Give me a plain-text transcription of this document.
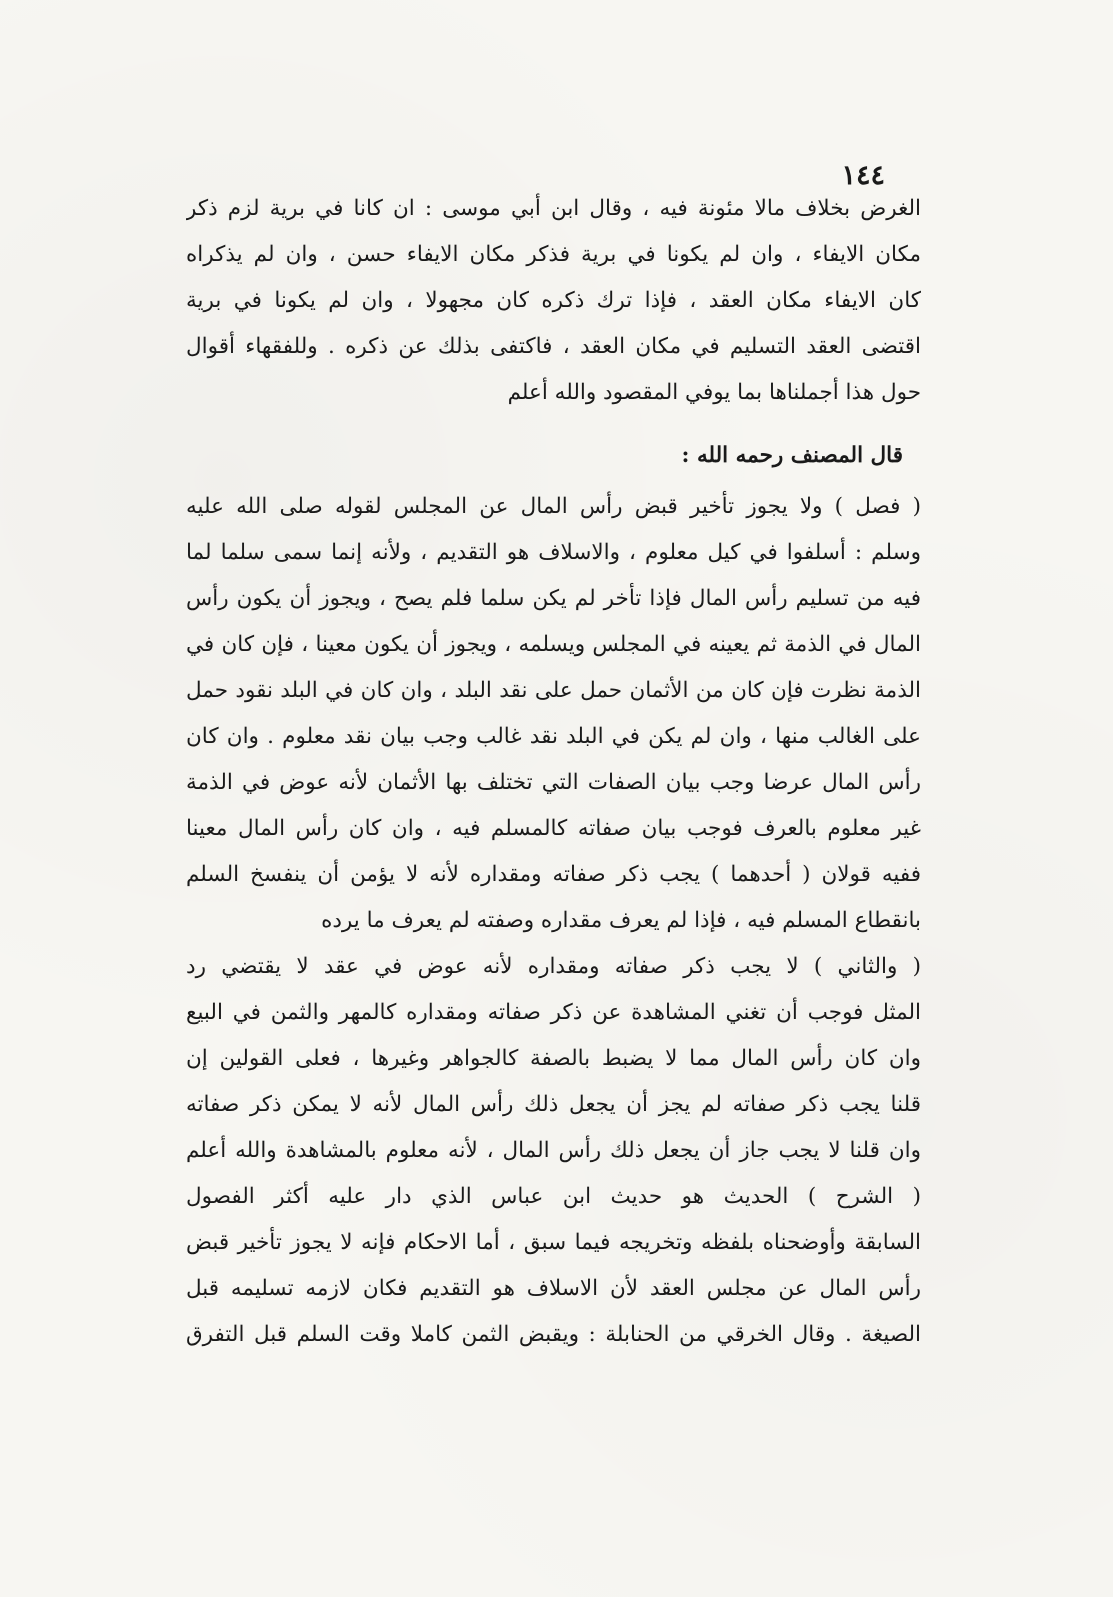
١٤٤
الغرض بخلاف مالا مئونة فيه ، وقال ابن أبي موسى : ان كانا في برية لزم ذكر
مكان الايفاء ، وان لم يكونا في برية فذكر مكان الايفاء حسن ، وان لم يذكراه
كان الايفاء مكان العقد ، فإذا ترك ذكره كان مجهولا ، وان لم يكونا في برية
اقتضى العقد التسليم في مكان العقد ، فاكتفى بذلك عن ذكره . وللفقهاء أقوال
حول هذا أجملناها بما يوفي المقصود والله أعلم
قال المصنف رحمه الله :
( فصل ) ولا يجوز تأخير قبض رأس المال عن المجلس لقوله صلى الله عليه
وسلم : أسلفوا في كيل معلوم ، والاسلاف هو التقديم ، ولأنه إنما سمى سلما لما
فيه من تسليم رأس المال فإذا تأخر لم يكن سلما فلم يصح ، ويجوز أن يكون رأس
المال في الذمة ثم يعينه في المجلس ويسلمه ، ويجوز أن يكون معينا ، فإن كان في
الذمة نظرت فإن كان من الأثمان حمل على نقد البلد ، وان كان في البلد نقود حمل
على الغالب منها ، وان لم يكن في البلد نقد غالب وجب بيان نقد معلوم . وان كان
رأس المال عرضا وجب بيان الصفات التي تختلف بها الأثمان لأنه عوض في الذمة
غير معلوم بالعرف فوجب بيان صفاته كالمسلم فيه ، وان كان رأس المال معينا
ففيه قولان ( أحدهما ) يجب ذكر صفاته ومقداره لأنه لا يؤمن أن ينفسخ السلم
بانقطاع المسلم فيه ، فإذا لم يعرف مقداره وصفته لم يعرف ما يرده
( والثاني ) لا يجب ذكر صفاته ومقداره لأنه عوض في عقد لا يقتضي رد
المثل فوجب أن تغني المشاهدة عن ذكر صفاته ومقداره كالمهر والثمن في البيع
وان كان رأس المال مما لا يضبط بالصفة كالجواهر وغيرها ، فعلى القولين إن
قلنا يجب ذكر صفاته لم يجز أن يجعل ذلك رأس المال لأنه لا يمكن ذكر صفاته
وان قلنا لا يجب جاز أن يجعل ذلك رأس المال ، لأنه معلوم بالمشاهدة والله أعلم
( الشرح ) الحديث هو حديث ابن عباس الذي دار عليه أكثر الفصول
السابقة وأوضحناه بلفظه وتخريجه فيما سبق ، أما الاحكام فإنه لا يجوز تأخير قبض
رأس المال عن مجلس العقد لأن الاسلاف هو التقديم فكان لازمه تسليمه قبل
الصيغة . وقال الخرقي من الحنابلة : ويقبض الثمن كاملا وقت السلم قبل التفرق
